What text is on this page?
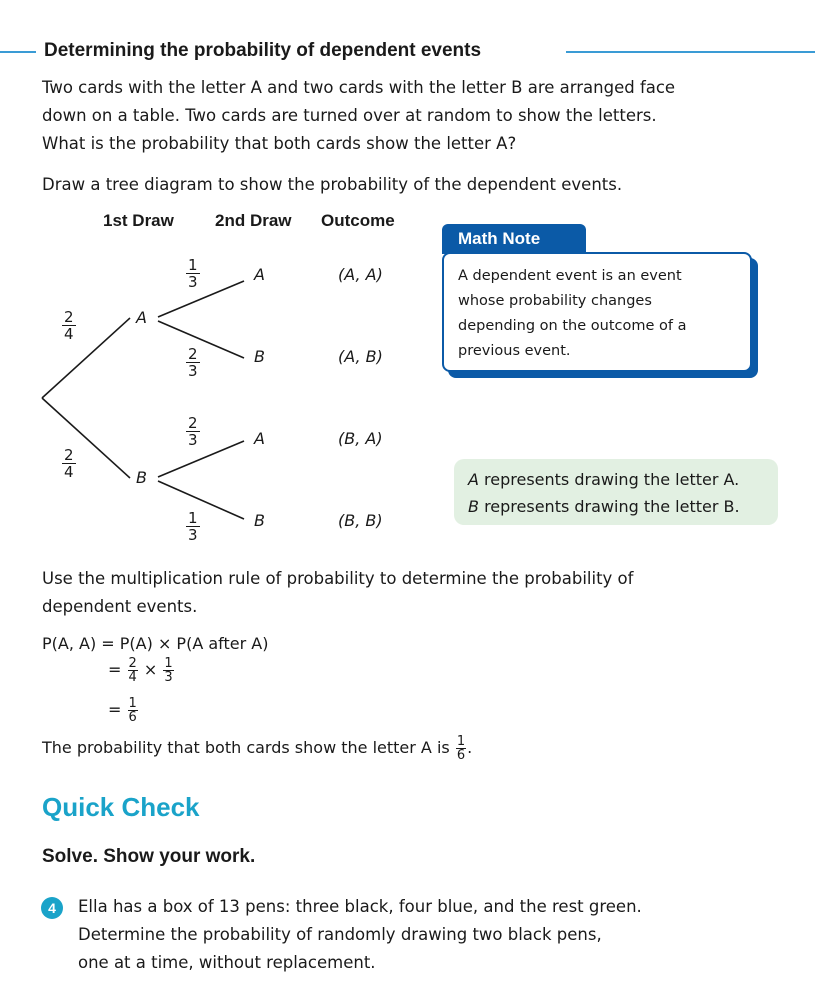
Determining the probability of dependent events
Two cards with the letter A and two cards with the letter B are arranged face
down on a table. Two cards are turned over at random to show the letters.
What is the probability that both cards show the letter A?
Draw a tree diagram to show the probability of the dependent events.
1st Draw 2nd Draw Outcome
$\frac{2}{4}$
$\frac{2}{4}$
A
B
$\frac{1}{3}$
$\frac{2}{3}$
$\frac{2}{3}$
$\frac{1}{3}$
A
B
A
B
(A, A)
(A, B)
(B, A)
(B, B)
Math Note
A dependent event is an event
whose probability changes
depending on the outcome of a
previous event.
A represents drawing the letter A.
B represents drawing the letter B.
Use the multiplication rule of probability to determine the probability of
dependent events.
P(A, A) = P(A) × P(A after A)
= $\frac{2}{4} \times \frac{1}{3}$
= $\frac{1}{6}$
The probability that both cards show the letter A is $\frac{1}{6}$ .
Quick Check
Solve. Show your work.
4	Ella has a box of 13 pens: three black, four blue, and the rest green.
Determine the probability of randomly drawing two black pens,
one at a time, without replacement.
